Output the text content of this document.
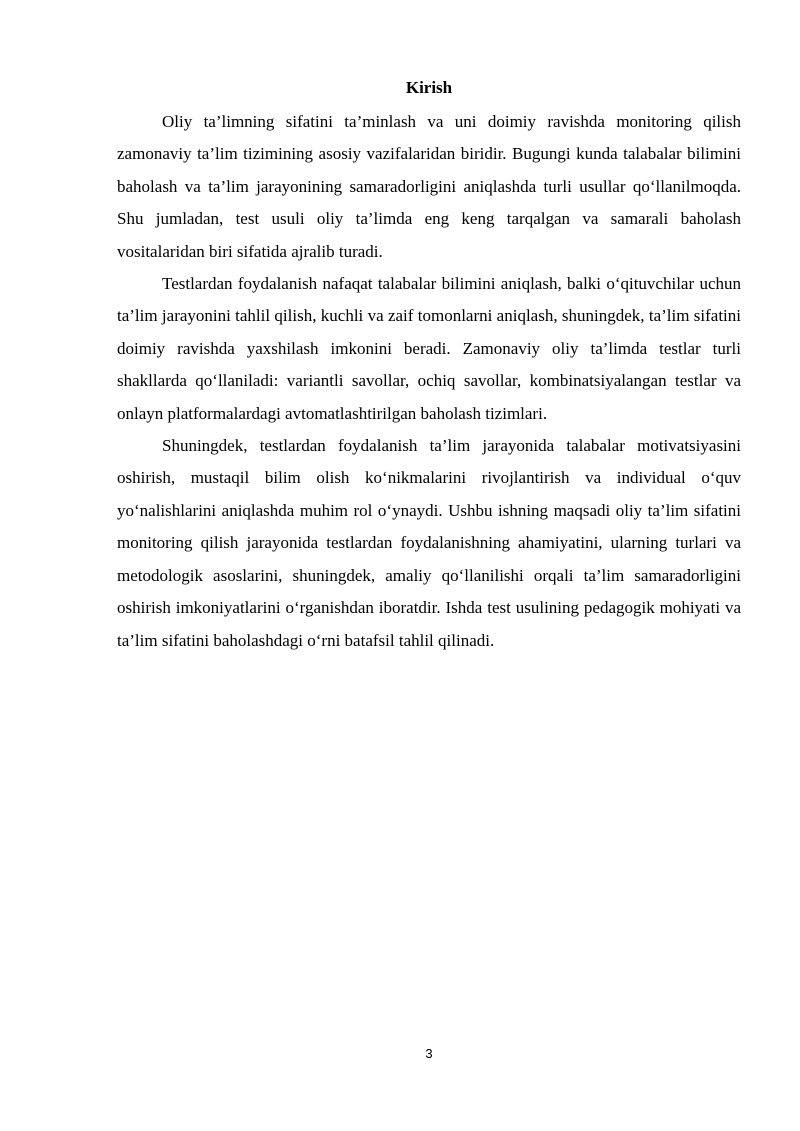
Kirish

Oliy ta’limning sifatini ta’minlash va uni doimiy ravishda monitoring qilish zamonaviy ta’lim tizimining asosiy vazifalaridan biridir. Bugungi kunda talabalar bilimini baholash va ta’lim jarayonining samaradorligini aniqlashda turli usullar qo‘llanilmoqda. Shu jumladan, test usuli oliy ta’limda eng keng tarqalgan va samarali baholash vositalaridan biri sifatida ajralib turadi.

Testlardan foydalanish nafaqat talabalar bilimini aniqlash, balki o‘qituvchilar uchun ta’lim jarayonini tahlil qilish, kuchli va zaif tomonlarni aniqlash, shuningdek, ta’lim sifatini doimiy ravishda yaxshilash imkonini beradi. Zamonaviy oliy ta’limda testlar turli shakllarda qo‘llaniladi: variantli savollar, ochiq savollar, kombinatsiyalangan testlar va onlayn platformalardagi avtomatlashtirilgan baholash tizimlari.

Shuningdek, testlardan foydalanish ta’lim jarayonida talabalar motivatsiyasini oshirish, mustaqil bilim olish ko‘nikmalarini rivojlantirish va individual o‘quv yo‘nalishlarini aniqlashda muhim rol o‘ynaydi. Ushbu ishning maqsadi oliy ta’lim sifatini monitoring qilish jarayonida testlardan foydalanishning ahamiyatini, ularning turlari va metodologik asoslarini, shuningdek, amaliy qo‘llanilishi orqali ta’lim samaradorligini oshirish imkoniyatlarini o‘rganishdan iboratdir. Ishda test usulining pedagogik mohiyati va ta’lim sifatini baholashdagi o‘rni batafsil tahlil qilinadi.

3
